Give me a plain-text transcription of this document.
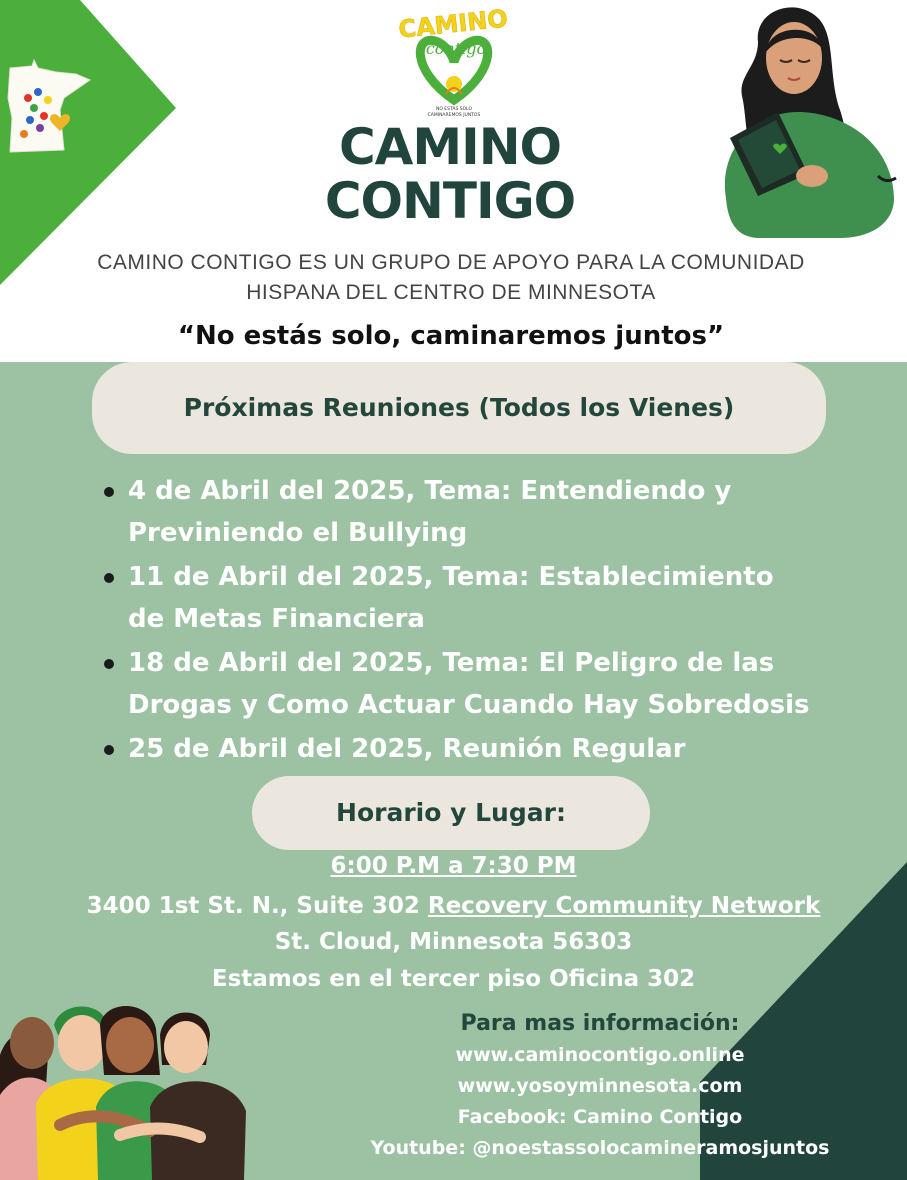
CAMINO
contigo
NO ESTAS SOLO
CAMINAREMOS JUNTOS
CAMINO
CONTIGO
CAMINO CONTIGO ES UN GRUPO DE APOYO PARA LA COMUNIDAD
HISPANA DEL CENTRO DE MINNESOTA
“No estás solo, caminaremos juntos”
Próximas Reuniones (Todos los Vienes)
4 de Abril del 2025, Tema: Entendiendo y
Previniendo el Bullying
11 de Abril del 2025, Tema: Establecimiento
de Metas Financiera
18 de Abril del 2025, Tema: El Peligro de las
Drogas y Como Actuar Cuando Hay Sobredosis
25 de Abril del 2025, Reunión Regular
Horario y Lugar:
6:00 P.M a 7:30 PM
3400 1st St. N., Suite 302 Recovery Community Network
St. Cloud, Minnesota 56303
Estamos en el tercer piso Oficina 302
Para mas información:
www.caminocontigo.online
www.yosoyminnesota.com
Facebook: Camino Contigo
Youtube: @noestassolocamineramosjuntos
